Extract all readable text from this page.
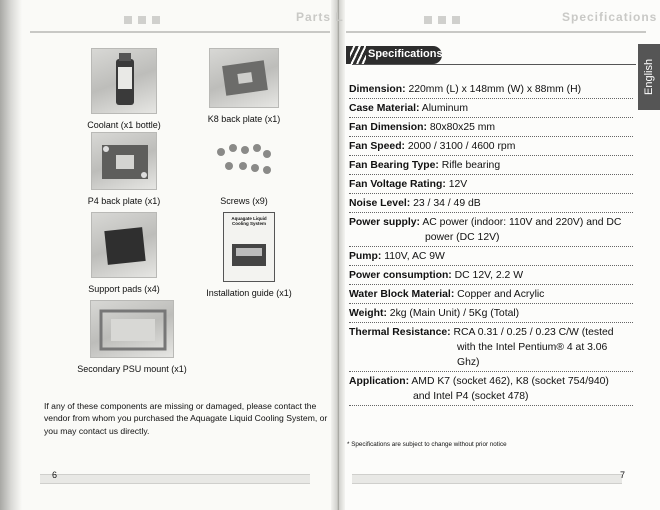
Parts L	Specifications
Coolant (x1 bottle)
K8 back plate (x1)
P4 back plate (x1)	Screws (x9)
Support pads (x4)
Aquagate Liquid Cooling System
Installation guide (x1)
Secondary PSU mount (x1)

If any of these components are missing or damaged, please contact the vendor from whom you purchased the Aquagate Liquid Cooling System, or you may contact us directly.

6
Specifications
English
Dimension: 220mm (L) x 148mm (W) x 88mm (H)
Case Material: Aluminum
Fan Dimension: 80x80x25 mm
Fan Speed: 2000 / 3100 / 4600 rpm
Fan Bearing Type: Rifle bearing
Fan Voltage Rating: 12V
Noise Level: 23 / 34 / 49 dB
Power supply: AC power (indoor: 110V and 220V) and DC
power (DC 12V)
Pump: 110V, AC 9W
Power consumption: DC 12V, 2.2 W
Water Block Material: Copper and Acrylic
Weight: 2kg (Main Unit) / 5Kg (Total)
Thermal Resistance: RCA 0.31 / 0.25 / 0.23 C/W (tested
with the Intel Pentium® 4 at 3.06
Ghz)
Application: AMD K7 (socket 462), K8 (socket 754/940)
and Intel P4 (socket 478)
* Specifications are subject to change without prior notice
7
